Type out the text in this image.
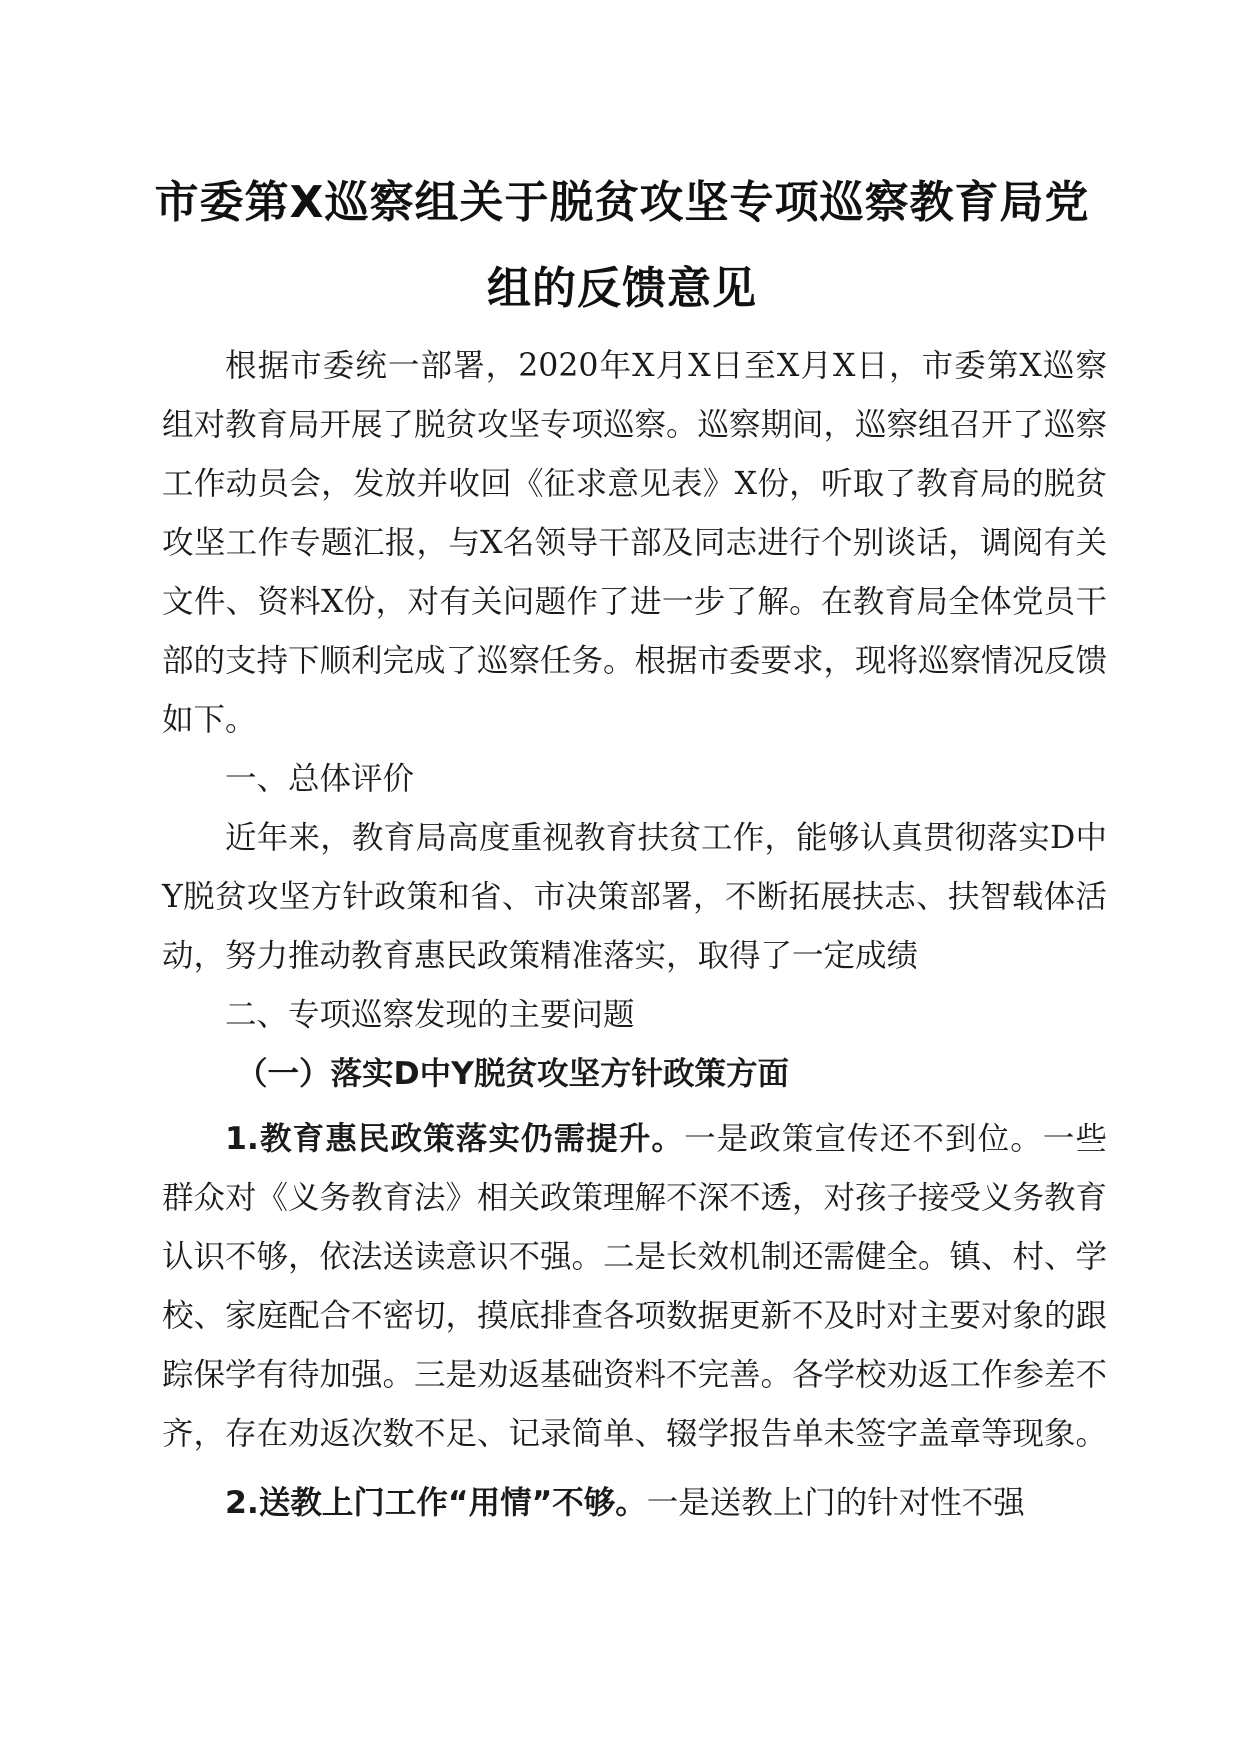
市委第X巡察组关于脱贫攻坚专项巡察教育局党
组的反馈意见

根据市委统一部署，2020年X月X日至X月X日，市委第X巡察组对教育局开展了脱贫攻坚专项巡察。巡察期间，巡察组召开了巡察工作动员会，发放并收回《征求意见表》X份，听取了教育局的脱贫攻坚工作专题汇报，与X名领导干部及同志进行个别谈话，调阅有关文件、资料X份，对有关问题作了进一步了解。在教育局全体党员干部的支持下顺利完成了巡察任务。根据市委要求，现将巡察情况反馈如下。

一、总体评价

近年来，教育局高度重视教育扶贫工作，能够认真贯彻落实D中Y脱贫攻坚方针政策和省、市决策部署，不断拓展扶志、扶智载体活动，努力推动教育惠民政策精准落实，取得了一定成绩

二、专项巡察发现的主要问题

（一）落实D中Y脱贫攻坚方针政策方面

1.教育惠民政策落实仍需提升。一是政策宣传还不到位。一些群众对《义务教育法》相关政策理解不深不透，对孩子接受义务教育认识不够，依法送读意识不强。二是长效机制还需健全。镇、村、学校、家庭配合不密切，摸底排查各项数据更新不及时对主要对象的跟踪保学有待加强。三是劝返基础资料不完善。各学校劝返工作参差不齐，存在劝返次数不足、记录简单、辍学报告单未签字盖章等现象。

2.送教上门工作“用情”不够。一是送教上门的针对性不强
